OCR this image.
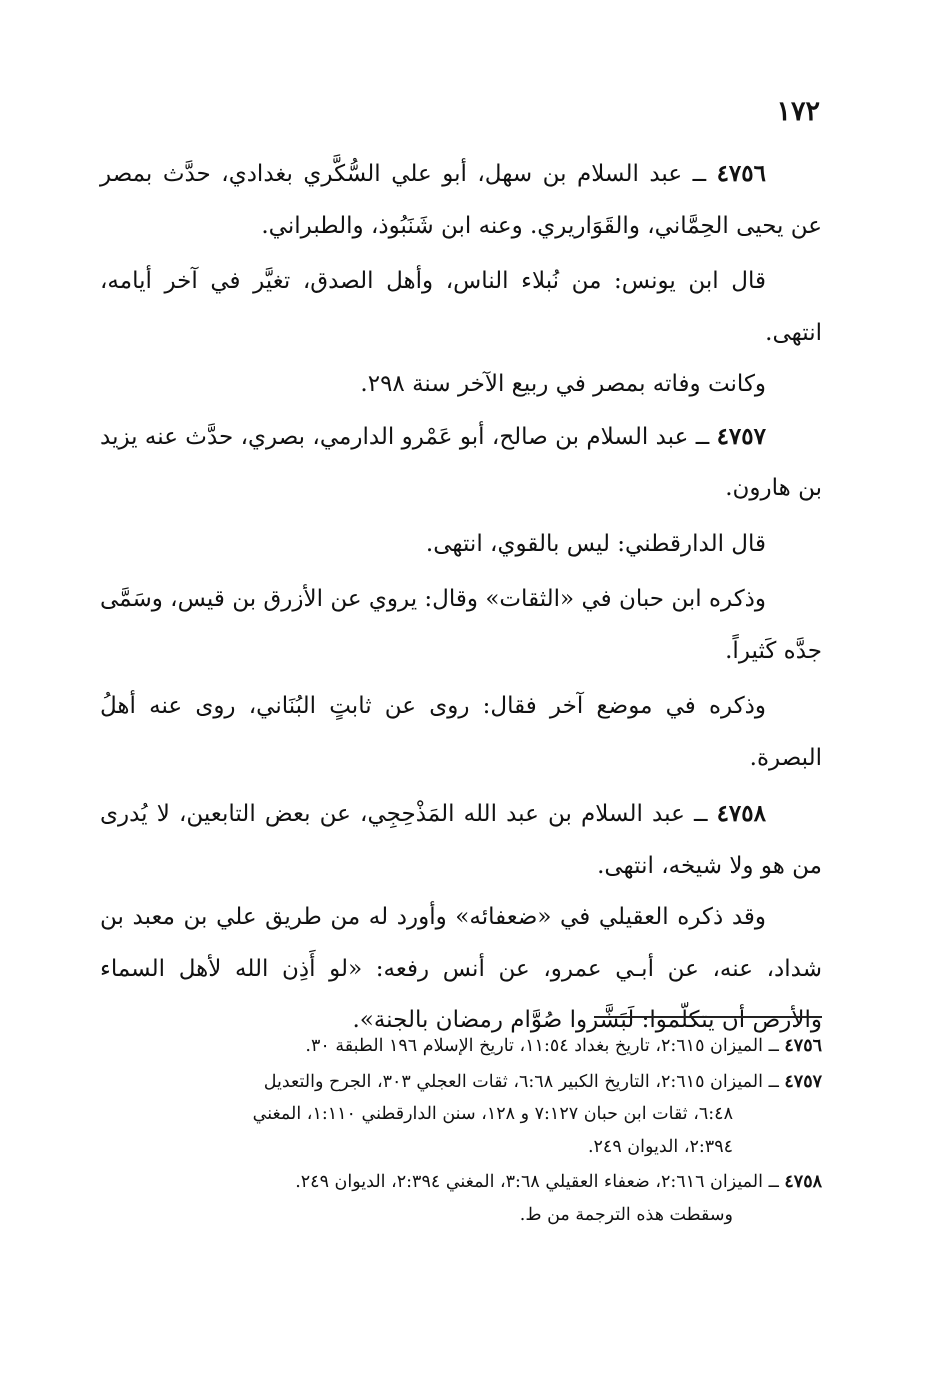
١٧٢

٤٧٥٦ ــ عبد السلام بن سهل، أبو علي السُّكَّري بغدادي، حدَّث بمصر عن يحيى الحِمَّاني، والقَوَاريري. وعنه ابن شَنَبُوذ، والطبراني.

قال ابن يونس: من نُبلاء الناس، وأهل الصدق، تغيَّر في آخر أيامه، انتهى.

وكانت وفاته بمصر في ربيع الآخر سنة ٢٩٨.

٤٧٥٧ ــ عبد السلام بن صالح، أبو عَمْرو الدارمي، بصري، حدَّث عنه يزيد بن هارون.

قال الدارقطني: ليس بالقوي، انتهى.

وذكره ابن حبان في «الثقات» وقال: يروي عن الأزرق بن قيس، وسَمَّى جدَّه كَثيراً.

وذكره في موضع آخر فقال: روى عن ثابتٍ البُنَاني، روى عنه أهلُ البصرة.

٤٧٥٨ ــ عبد السلام بن عبد الله المَذْحِجِي، عن بعض التابعين، لا يُدرى من هو ولا شيخه، انتهى.

وقد ذكره العقيلي في «ضعفائه» وأورد له من طريق علي بن معبد بن شداد، عنه، عن أبـي عمرو، عن أنس رفعه: «لو أَذِن الله لأهل السماء والأرض أن يتكلّموا: لَبَشَّروا صُوَّام رمضان بالجنة».

٤٧٥٦ ــ الميزان ٢:٦١٥، تاريخ بغداد ١١:٥٤، تاريخ الإسلام ١٩٦ الطبقة ٣٠.

٤٧٥٧ ــ الميزان ٢:٦١٥، التاريخ الكبير ٦:٦٨، ثقات العجلي ٣٠٣، الجرح والتعديل
٦:٤٨، ثقات ابن حبان ٧:١٢٧ و ١٢٨، سنن الدارقطني ١:١١٠، المغني
٢:٣٩٤، الديوان ٢٤٩.

٤٧٥٨ ــ الميزان ٢:٦١٦، ضعفاء العقيلي ٣:٦٨، المغني ٢:٣٩٤، الديوان ٢٤٩.
وسقطت هذه الترجمة من ط.
